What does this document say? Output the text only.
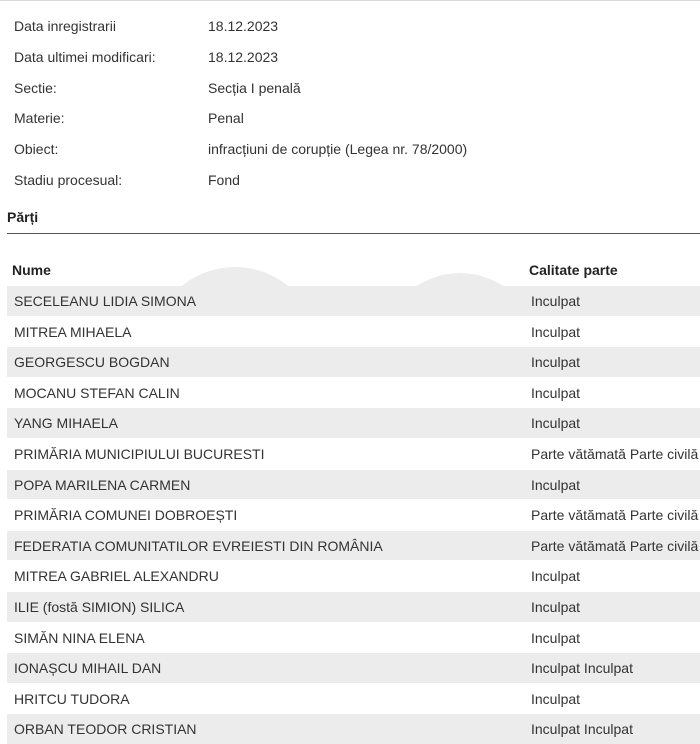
Data inregistrarii	18.12.2023
Data ultimei modificari:	18.12.2023
Sectie:	Secția I penală
Materie:	Penal
Obiect:	infracțiuni de corupție (Legea nr. 78/2000)
Stadiu procesual:	Fond
Părți
Nume	Calitate parte
SECELEANU LIDIA SIMONA	Inculpat
MITREA MIHAELA	Inculpat
GEORGESCU BOGDAN	Inculpat
MOCANU STEFAN CALIN	Inculpat
YANG MIHAELA	Inculpat
PRIMĂRIA MUNICIPIULUI BUCURESTI	Parte vătămată Parte civilă
POPA MARILENA CARMEN	Inculpat
PRIMĂRIA COMUNEI DOBROEȘTI	Parte vătămată Parte civilă
FEDERATIA COMUNITATILOR EVREIESTI DIN ROMÂNIA	Parte vătămată Parte civilă
MITREA GABRIEL ALEXANDRU	Inculpat
ILIE (fostă SIMION) SILICA	Inculpat
SIMĂN NINA ELENA	Inculpat
IONAȘCU MIHAIL DAN	Inculpat Inculpat
HRITCU TUDORA	Inculpat
ORBAN TEODOR CRISTIAN	Inculpat Inculpat
